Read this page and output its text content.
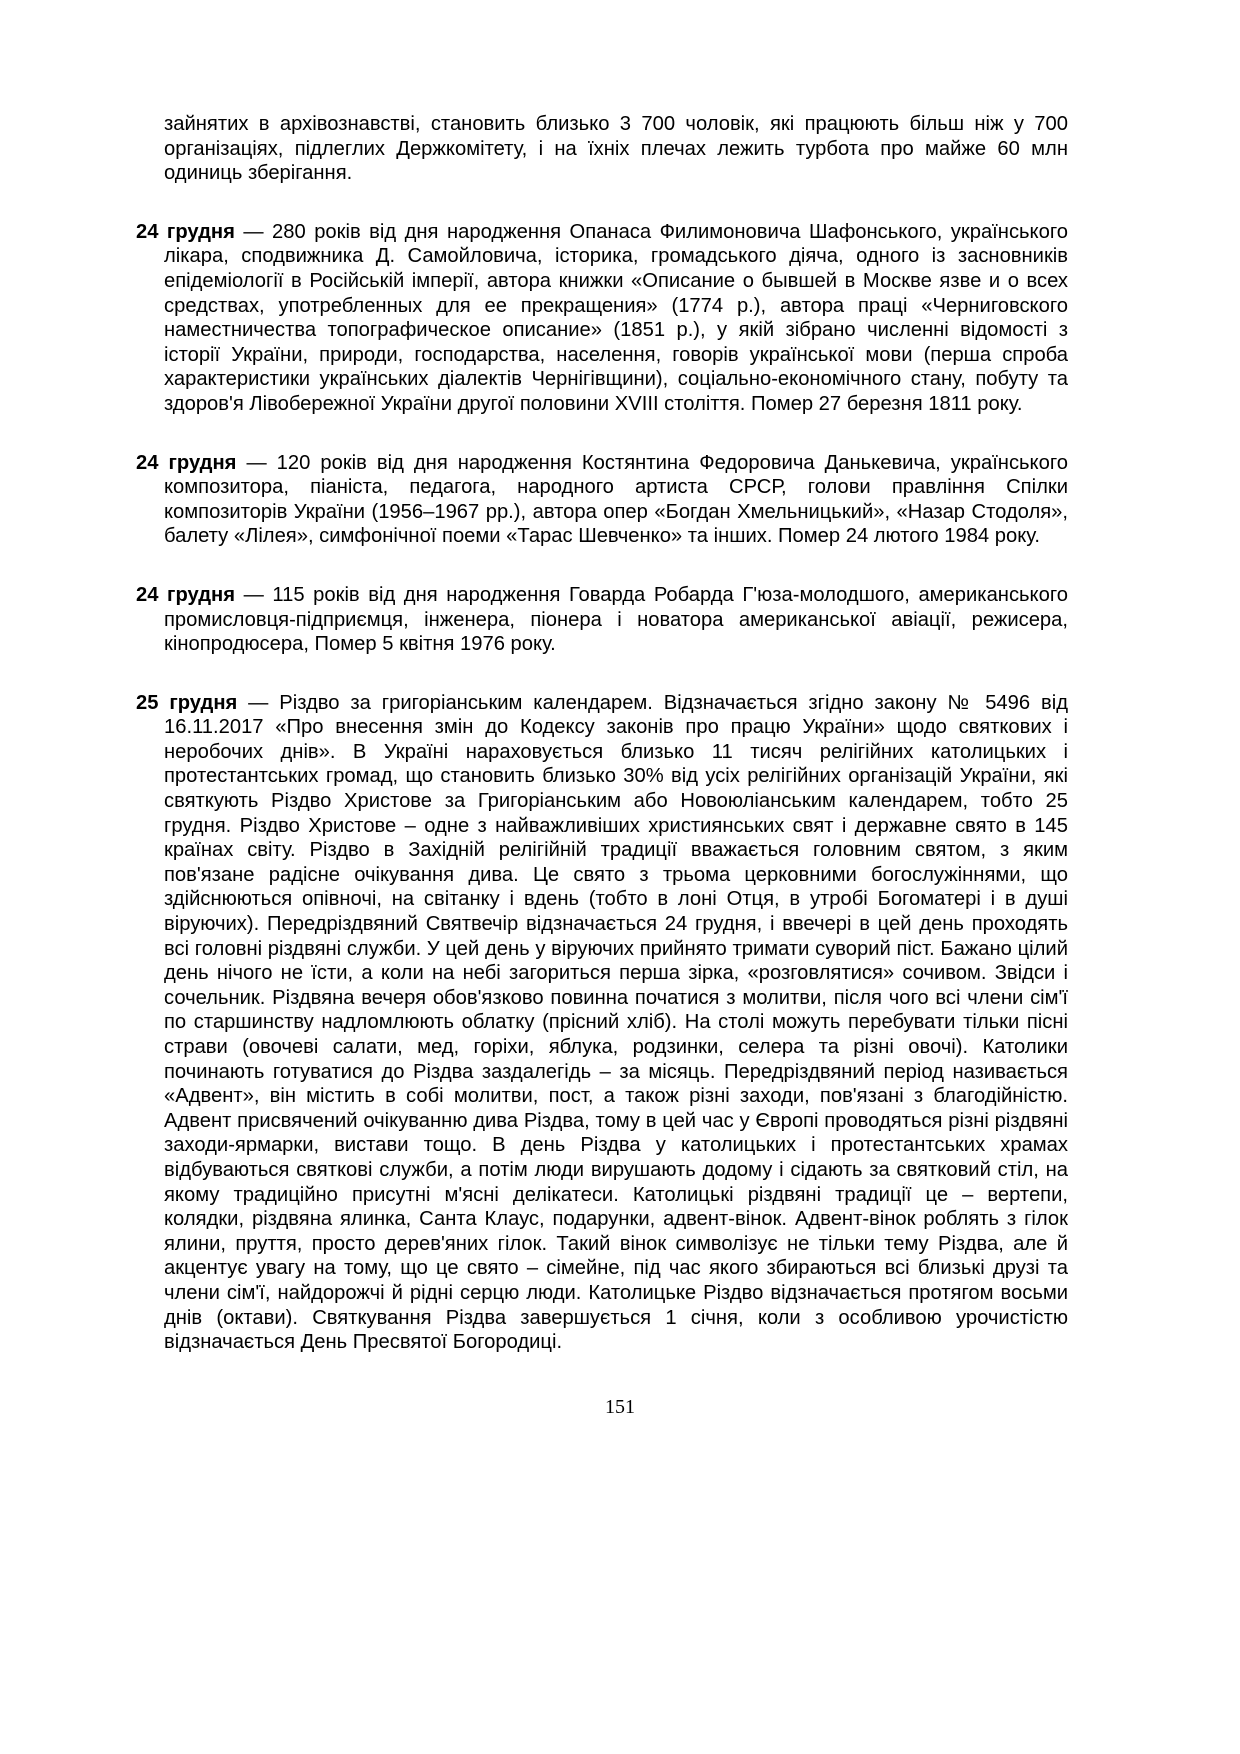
зайнятих в архівознавстві, становить близько 3 700 чоловік, які працюють більш ніж у 700 організаціях, підлеглих Держкомітету, і на їхніх плечах лежить турбота про майже 60 млн одиниць зберігання.

24 грудня — 280 років від дня народження Опанаса Филимоновича Шафонського, українського лікара, сподвижника Д. Самойловича, історика, громадського діяча, одного із засновників епідеміології в Російській імперії, автора книжки «Описание о бывшей в Москве язве и о всех средствах, употребленных для ее прекращения» (1774 р.), автора праці «Черниговского наместничества топографическое описание» (1851 р.), у якій зібрано численні відомості з історії України, природи, господарства, населення, говорів української мови (перша спроба характеристики українських діалектів Чернігівщини), соціально-економічного стану, побуту та здоров'я Лівобережної України другої половини XVIII століття. Помер 27 березня 1811 року.

24 грудня — 120 років від дня народження Костянтина Федоровича Данькевича, українського композитора, піаніста, педагога, народного артиста СРСР, голови правління Спілки композиторів України (1956–1967 рр.), автора опер «Богдан Хмельницький», «Назар Стодоля», балету «Лілея», симфонічної поеми «Тарас Шевченко» та інших. Помер 24 лютого 1984 року.

24 грудня — 115 років від дня народження Говарда Робарда Г'юза-молодшого, американського промисловця-підприємця, інженера, піонера і новатора американської авіації, режисера, кінопродюсера, Помер 5 квітня 1976 року.

25 грудня — Різдво за григоріанським календарем. Відзначається згідно закону № 5496 від 16.11.2017 «Про внесення змін до Кодексу законів про працю України» щодо святкових і неробочих днів». В Україні нараховується близько 11 тисяч релігійних католицьких і протестантських громад, що становить близько 30% від усіх релігійних організацій України, які святкують Різдво Христове за Григоріанським або Новоюліанським календарем, тобто 25 грудня. Різдво Христове – одне з найважливіших християнських свят і державне свято в 145 країнах світу. Різдво в Західній релігійній традиції вважається головним святом, з яким пов'язане радісне очікування дива. Це свято з трьома церковними богослужіннями, що здійснюються опівночі, на світанку і вдень (тобто в лоні Отця, в утробі Богоматері і в душі віруючих). Передріздвяний Святвечір відзначається 24 грудня, і ввечері в цей день проходять всі головні різдвяні служби. У цей день у віруючих прийнято тримати суворий піст. Бажано цілий день нічого не їсти, а коли на небі загориться перша зірка, «розговлятися» сочивом. Звідси і сочельник. Різдвяна вечеря обов'язково повинна початися з молитви, після чого всі члени сім'ї по старшинству надломлюють облатку (прісний хліб). На столі можуть перебувати тільки пісні страви (овочеві салати, мед, горіхи, яблука, родзинки, селера та різні овочі). Католики починають готуватися до Різдва заздалегідь – за місяць. Передріздвяний період називається «Адвент», він містить в собі молитви, пост, а також різні заходи, пов'язані з благодійністю. Адвент присвячений очікуванню дива Різдва, тому в цей час у Європі проводяться різні різдвяні заходи-ярмарки, вистави тощо. В день Різдва у католицьких і протестантських храмах відбуваються святкові служби, а потім люди вирушають додому і сідають за святковий стіл, на якому традиційно присутні м'ясні делікатеси. Католицькі різдвяні традиції це – вертепи, колядки, різдвяна ялинка, Санта Клаус, подарунки, адвент-вінок. Адвент-вінок роблять з гілок ялини, пруття, просто дерев'яних гілок. Такий вінок символізує не тільки тему Різдва, але й акцентує увагу на тому, що це свято – сімейне, під час якого збираються всі близькі друзі та члени сім'ї, найдорожчі й рідні серцю люди. Католицьке Різдво відзначається протягом восьми днів (октави). Святкування Різдва завершується 1 січня, коли з особливою урочистістю відзначається День Пресвятої Богородиці.

151
